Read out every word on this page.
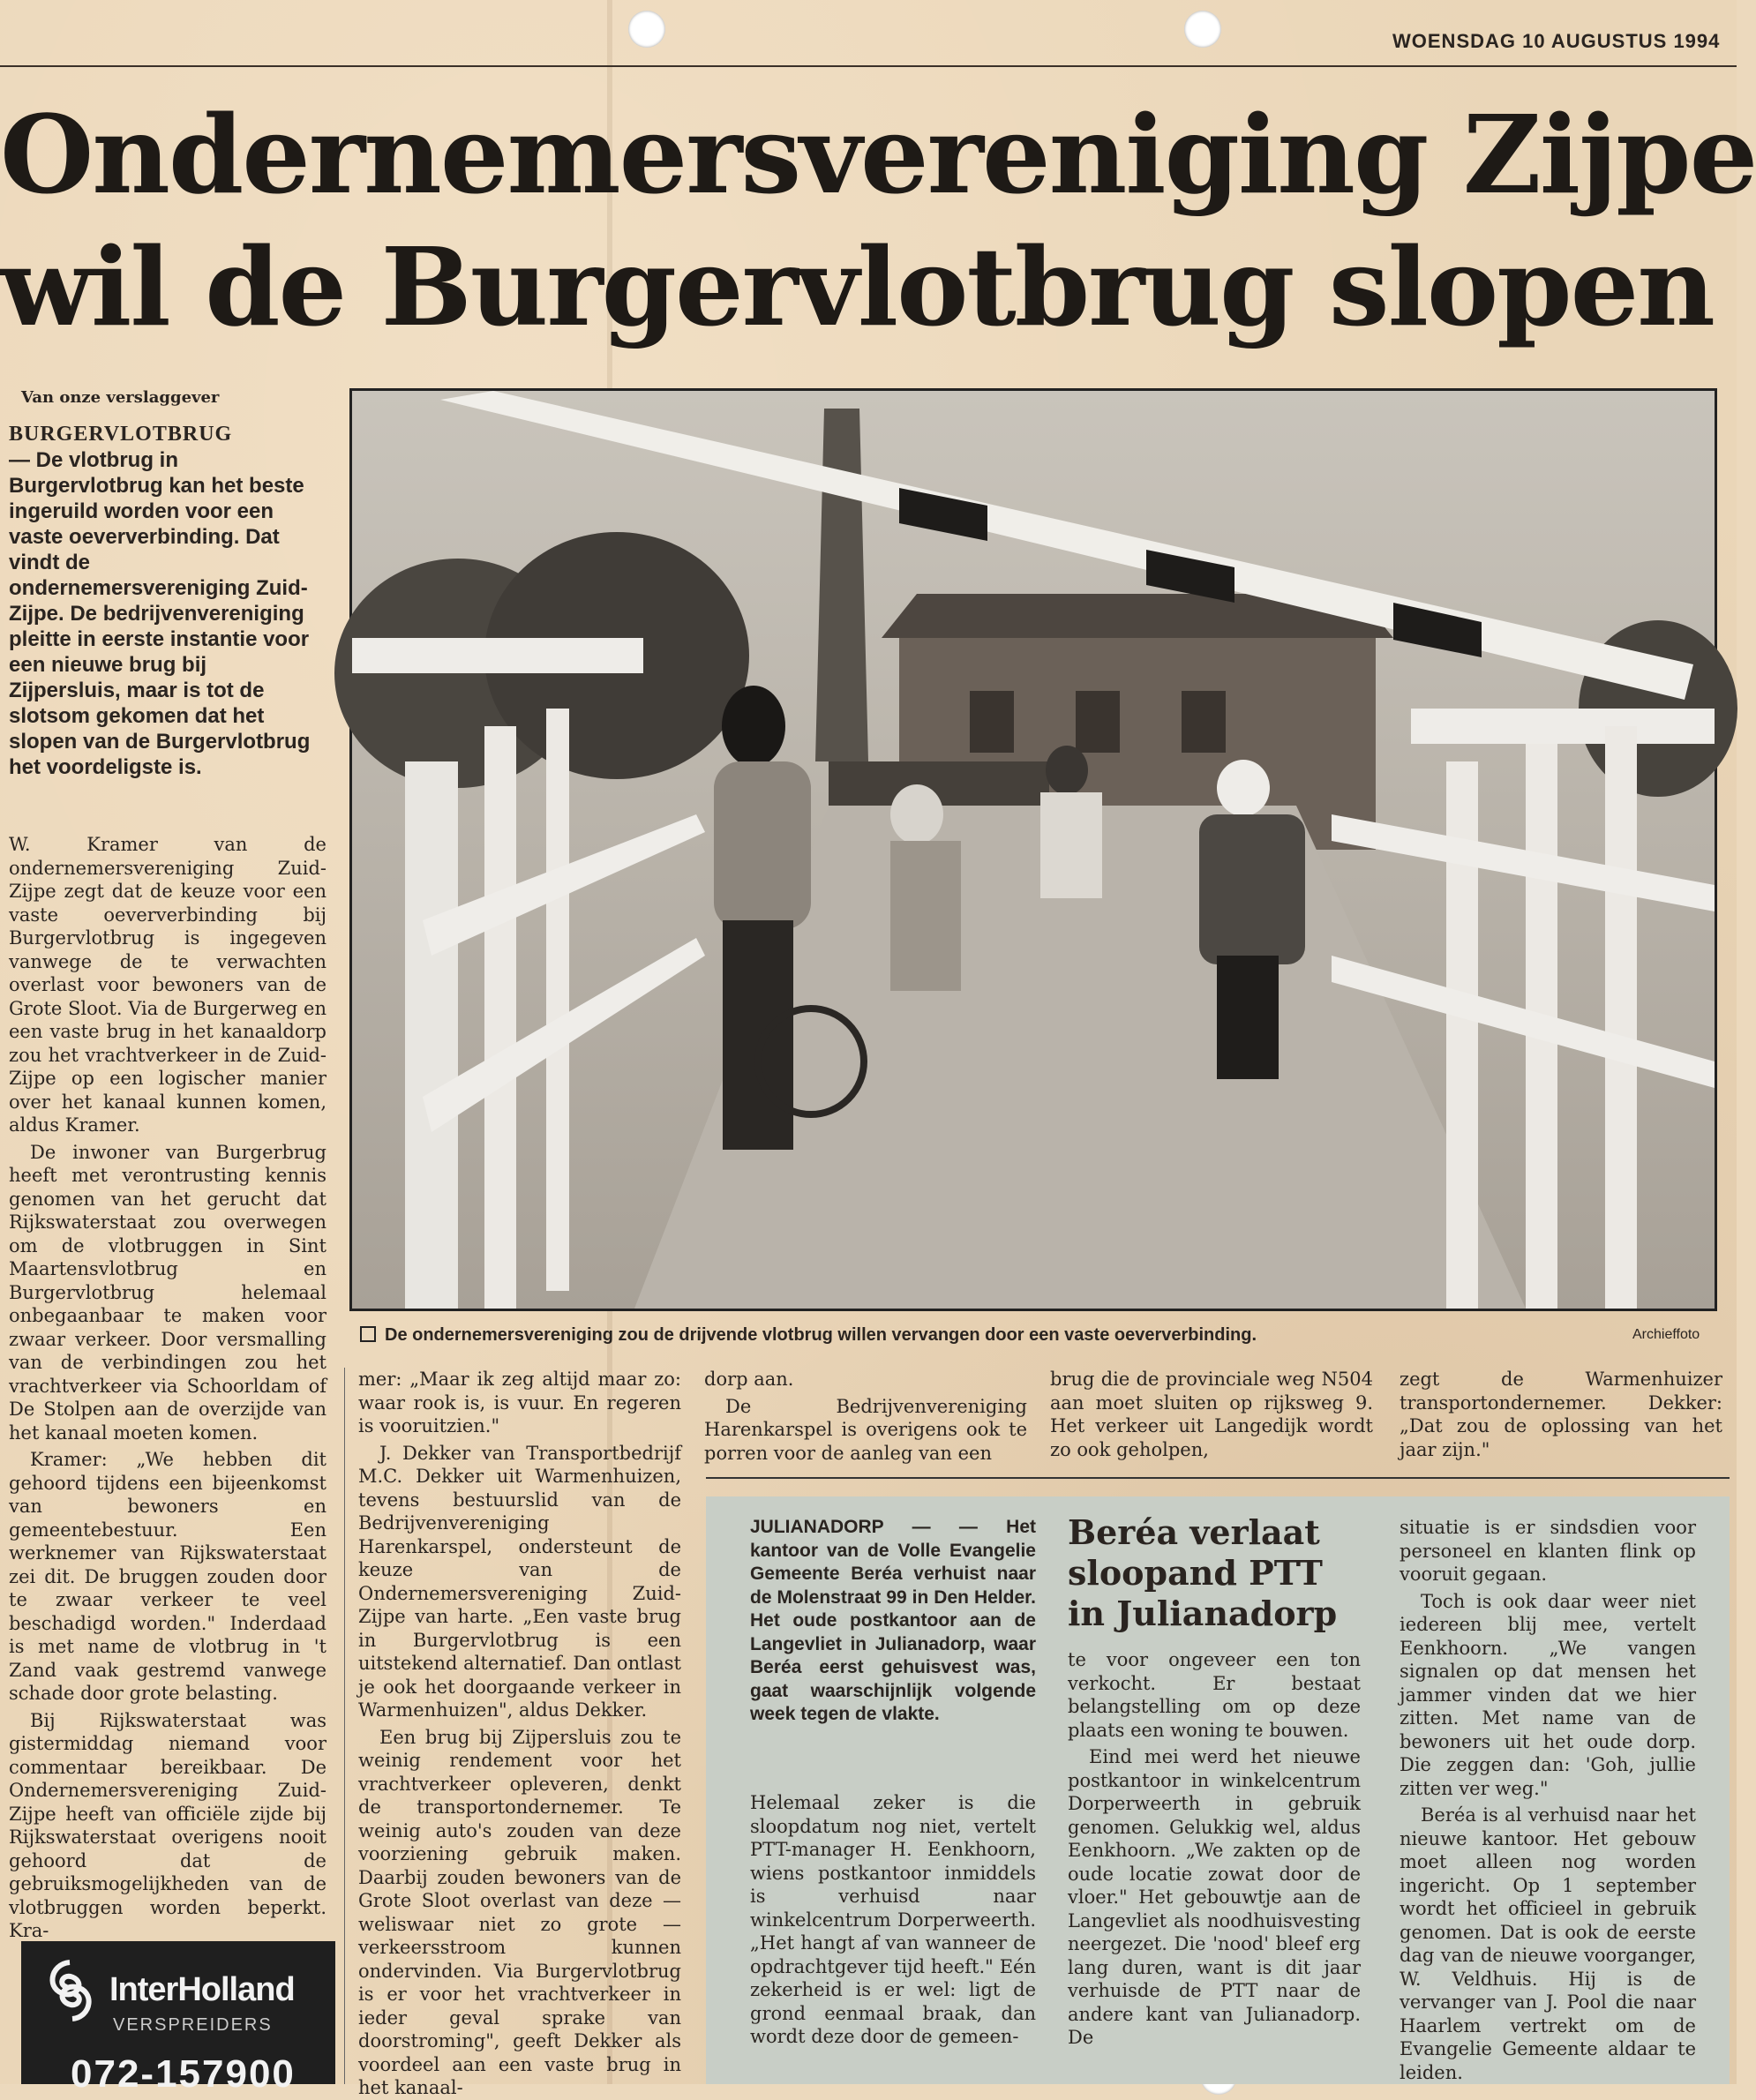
WOENSDAG 10 AUGUSTUS 1994
Ondernemersvereniging Zijpe
wil de Burgervlotbrug slopen
Van onze verslaggever
BURGERVLOTBRUG
— De vlotbrug in Burgervlotbrug kan het beste ingeruild worden voor een vaste oeververbinding. Dat vindt de ondernemersvereniging Zuid-Zijpe. De bedrijvenvereniging pleitte in eerste instantie voor een nieuwe brug bij Zijpersluis, maar is tot de slotsom gekomen dat het slopen van de Burgervlotbrug het voordeligste is.

W. Kramer van de ondernemersvereniging Zuid-Zijpe zegt dat de keuze voor een vaste oeververbinding bij Burgervlotbrug is ingegeven vanwege de te verwachten overlast voor bewoners van de Grote Sloot. Via de Burgerweg en een vaste brug in het kanaaldorp zou het vrachtverkeer in de Zuid-Zijpe op een logischer manier over het kanaal kunnen komen, aldus Kramer.

De inwoner van Burgerbrug heeft met verontrusting kennis genomen van het gerucht dat Rijkswaterstaat zou overwegen om de vlotbruggen in Sint Maartensvlotbrug en Burgervlotbrug helemaal onbegaanbaar te maken voor zwaar verkeer. Door versmalling van de verbindingen zou het vrachtverkeer via Schoorldam of De Stolpen aan de overzijde van het kanaal moeten komen.

Kramer: „We hebben dit gehoord tijdens een bijeenkomst van bewoners en gemeentebestuur. Een werknemer van Rijkswaterstaat zei dit. De bruggen zouden door te zwaar verkeer te veel beschadigd worden." Inderdaad is met name de vlotbrug in 't Zand vaak gestremd vanwege schade door grote belasting.

Bij Rijkswaterstaat was gistermiddag niemand voor commentaar bereikbaar. De Ondernemersvereniging Zuid-Zijpe heeft van officiële zijde bij Rijkswaterstaat overigens nooit gehoord dat de gebruiksmogelijkheden van de vlotbruggen worden beperkt. Kra-

De ondernemersvereniging zou de drijvende vlotbrug willen vervangen door een vaste oeververbinding.	Archieffoto

mer: „Maar ik zeg altijd maar zo: waar rook is, is vuur. En regeren is vooruitzien."

J. Dekker van Transportbedrijf M.C. Dekker uit Warmenhuizen, tevens bestuurslid van de Bedrijvenvereniging Harenkarspel, ondersteunt de keuze van de Ondernemersvereniging Zuid-Zijpe van harte. „Een vaste brug in Burgervlotbrug is een uitstekend alternatief. Dan ontlast je ook het doorgaande verkeer in Warmenhuizen", aldus Dekker.

Een brug bij Zijpersluis zou te weinig rendement voor het vrachtverkeer opleveren, denkt de transportondernemer. Te weinig auto's zouden van deze voorziening gebruik maken. Daarbij zouden bewoners van de Grote Sloot overlast van deze — weliswaar niet zo grote — verkeersstroom kunnen ondervinden. Via Burgervlotbrug is er voor het vrachtverkeer in ieder geval sprake van doorstroming", geeft Dekker als voordeel aan een vaste brug in het kanaal-

dorp aan.

De Bedrijvenvereniging Harenkarspel is overigens ook te porren voor de aanleg van een

brug die de provinciale weg N504 aan moet sluiten op rijksweg 9. Het verkeer uit Langedijk wordt zo ook geholpen,

zegt de Warmenhuizer transportondernemer. Dekker: „Dat zou de oplossing van het jaar zijn."

JULIANADORP — — Het kantoor van de Volle Evangelie Gemeente Beréa verhuist naar de Molenstraat 99 in Den Helder. Het oude postkantoor aan de Langevliet in Julianadorp, waar Beréa eerst gehuisvest was, gaat waarschijnlijk volgende week tegen de vlakte.
Beréa verlaat sloopand PTT in Julianadorp

Helemaal zeker is die sloopdatum nog niet, vertelt PTT-manager H. Eenkhoorn, wiens postkantoor inmiddels is verhuisd naar winkelcentrum Dorperweerth. „Het hangt af van wanneer de opdrachtgever tijd heeft." Eén zekerheid is er wel: ligt de grond eenmaal braak, dan wordt deze door de gemeen-

te voor ongeveer een ton verkocht. Er bestaat belangstelling om op deze plaats een woning te bouwen.

Eind mei werd het nieuwe postkantoor in winkelcentrum Dorperweerth in gebruik genomen. Gelukkig wel, aldus Eenkhoorn. „We zakten op de oude locatie zowat door de vloer." Het gebouwtje aan de Langevliet als noodhuisvesting neergezet. Die 'nood' bleef erg lang duren, want is dit jaar verhuisde de PTT naar de andere kant van Julianadorp. De

situatie is er sindsdien voor personeel en klanten flink op vooruit gegaan.

Toch is ook daar weer niet iedereen blij mee, vertelt Eenkhoorn. „We vangen signalen op dat mensen het jammer vinden dat we hier zitten. Met name van de bewoners uit het oude dorp. Die zeggen dan: 'Goh, jullie zitten ver weg."

Beréa is al verhuisd naar het nieuwe kantoor. Het gebouw moet alleen nog worden ingericht. Op 1 september wordt het officieel in gebruik genomen. Dat is ook de eerste dag van de nieuwe voorganger, W. Veldhuis. Hij is de vervanger van J. Pool die naar Haarlem vertrekt om de Evangelie Gemeente aldaar te leiden.

InterHolland
VERSPREIDERS
072-157900
